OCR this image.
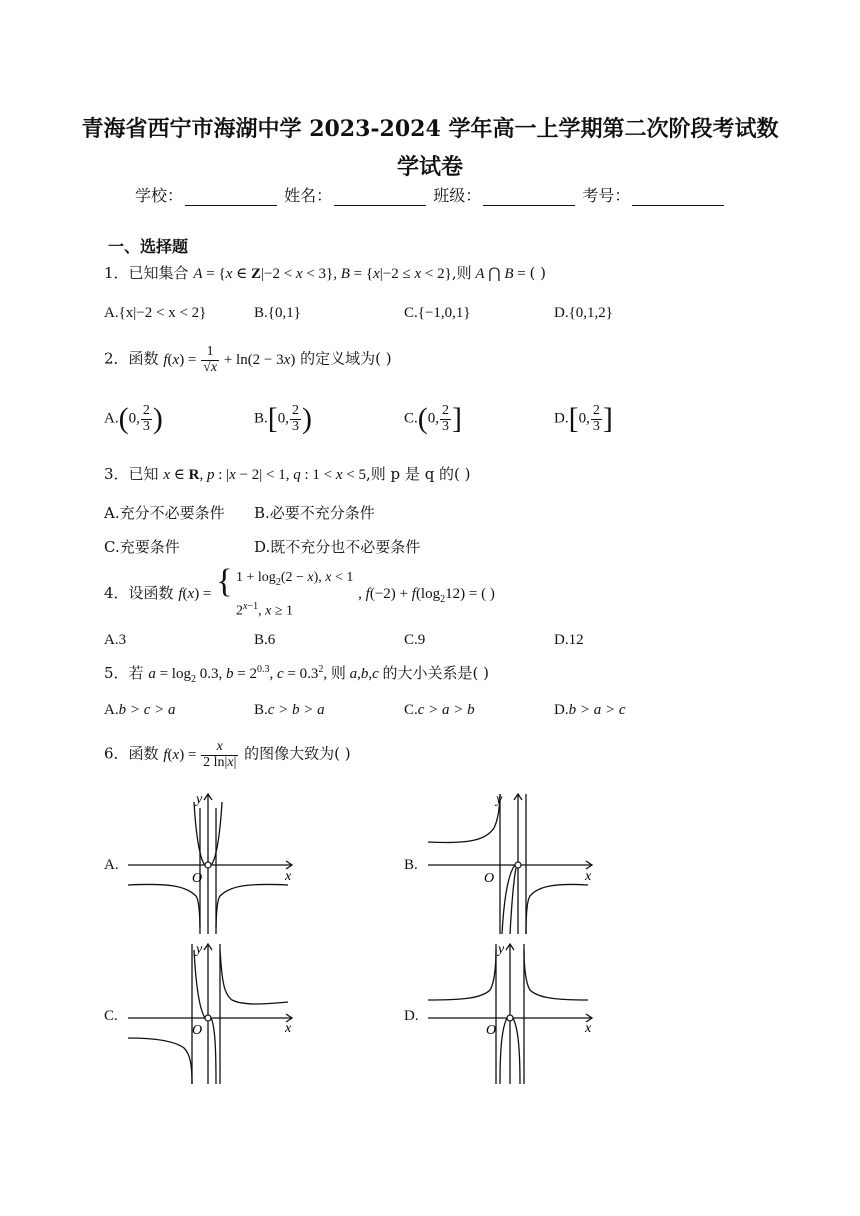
青海省西宁市海湖中学 2023-2024 学年高一上学期第二次阶段考试数
学试卷
学校：	姓名：	班级：	考号：
一、选择题
1．已知集合 A = {x ∈ Z|−2 < x < 3}, B = {x|−2 ≤ x < 2},则 A ⋂ B = ( )
A.{x|−2 < x < 2}	B.{0,1}	C.{−1,0,1}	D.{0,1,2}
2．函数 $f(x) = \frac{1}{√x} + \ln(2 - 3x)$ 的定义域为( )
A.(0, $\frac{2}{3}$ )	B.[0, $\frac{2}{3}$ )	C.(0, $\frac{2}{3}$ ]	D.[0, $\frac{2}{3}$ ]
3．已知 x ∈ R, p : |x − 2| < 1, q : 1 < x < 5,则 p 是 q 的( )
A.充分不必要条件 B.必要不充分条件
C.充要条件	D.既不充分也不必要条件
4．设函数 f(x) = { $1 + \log_2(2 - x)$, x < 1
$2^{x-1}$, x ≥ 1 , $f(-2) + f(\log_212)$ = ( )
A.3	B.6	C.9	D.12
5．若 $a = \log_2 0.3$, $b = 2^{0.3}$, $c = 0.3^2$, 则 a,b,c 的大小关系是( )
A.b > c > a	B.c > b > a	C.c > a > b	D.b > a > c
6．函数 $f(x) = \frac{x}{2 \ln|x|}$ 的图像大致为( )
A.	B.
C.	D.
y
x
O
y
x
O
y
x
O
y
x
O
